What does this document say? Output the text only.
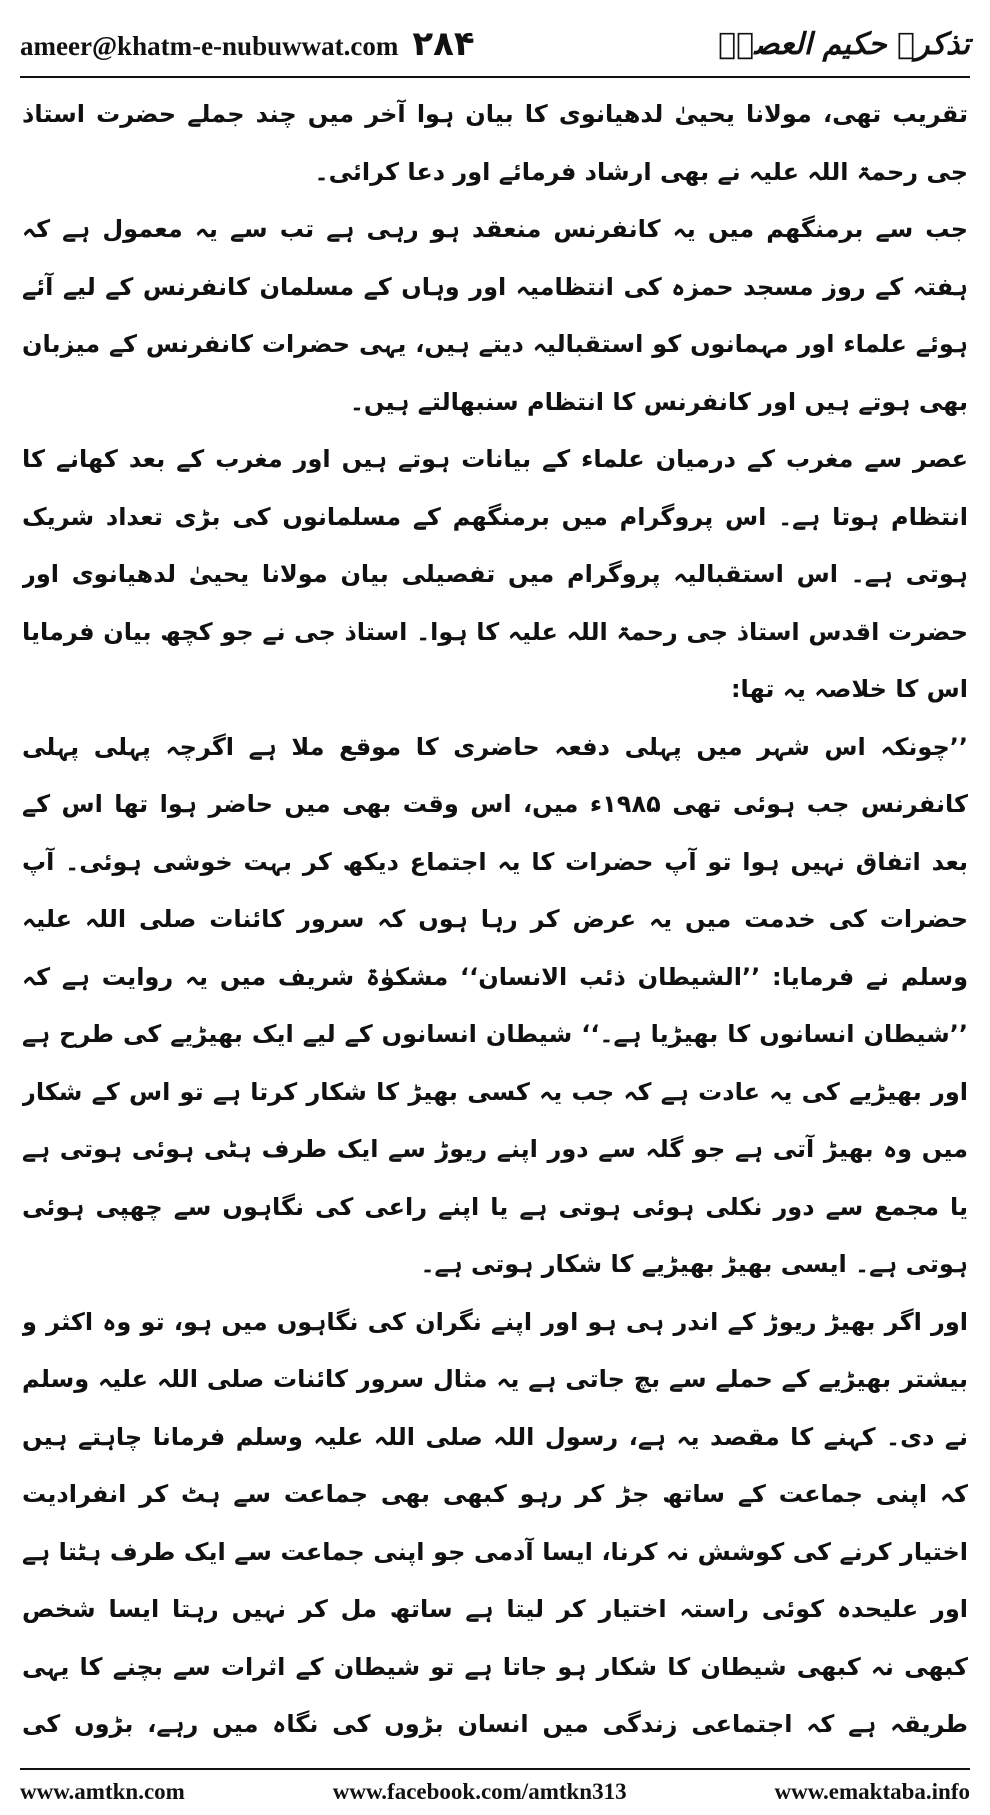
ameer@khatm-e-nubuwwat.com ۲۸۴	تذکرہ حکیم العصرؒ

تقریب تھی، مولانا یحییٰ لدھیانوی کا بیان ہوا آخر میں چند جملے حضرت استاذ جی رحمۃ اللہ علیہ نے بھی ارشاد فرمائے اور دعا کرائی۔

جب سے برمنگھم میں یہ کانفرنس منعقد ہو رہی ہے تب سے یہ معمول ہے کہ ہفتہ کے روز مسجد حمزہ کی انتظامیہ اور وہاں کے مسلمان کانفرنس کے لیے آئے ہوئے علماء اور مہمانوں کو استقبالیہ دیتے ہیں، یہی حضرات کانفرنس کے میزبان بھی ہوتے ہیں اور کانفرنس کا انتظام سنبھالتے ہیں۔

عصر سے مغرب کے درمیان علماء کے بیانات ہوتے ہیں اور مغرب کے بعد کھانے کا انتظام ہوتا ہے۔ اس پروگرام میں برمنگھم کے مسلمانوں کی بڑی تعداد شریک ہوتی ہے۔ اس استقبالیہ پروگرام میں تفصیلی بیان مولانا یحییٰ لدھیانوی اور حضرت اقدس استاذ جی رحمۃ اللہ علیہ کا ہوا۔ استاذ جی نے جو کچھ بیان فرمایا اس کا خلاصہ یہ تھا:

’’چونکہ اس شہر میں پہلی دفعہ حاضری کا موقع ملا ہے اگرچہ پہلی پہلی کانفرنس جب ہوئی تھی ۱۹۸۵ء میں، اس وقت بھی میں حاضر ہوا تھا اس کے بعد اتفاق نہیں ہوا تو آپ حضرات کا یہ اجتماع دیکھ کر بہت خوشی ہوئی۔ آپ حضرات کی خدمت میں یہ عرض کر رہا ہوں کہ سرور کائنات صلی اللہ علیہ وسلم نے فرمایا: ’’الشیطان ذئب الانسان‘‘ مشکوٰۃ شریف میں یہ روایت ہے کہ ’’شیطان انسانوں کا بھیڑیا ہے۔‘‘ شیطان انسانوں کے لیے ایک بھیڑیے کی طرح ہے اور بھیڑیے کی یہ عادت ہے کہ جب یہ کسی بھیڑ کا شکار کرتا ہے تو اس کے شکار میں وہ بھیڑ آتی ہے جو گلہ سے دور اپنے ریوڑ سے ایک طرف ہٹی ہوئی ہوتی ہے یا مجمع سے دور نکلی ہوئی ہوتی ہے یا اپنے راعی کی نگاہوں سے چھپی ہوئی ہوتی ہے۔ ایسی بھیڑ بھیڑیے کا شکار ہوتی ہے۔

اور اگر بھیڑ ریوڑ کے اندر ہی ہو اور اپنے نگران کی نگاہوں میں ہو، تو وہ اکثر و بیشتر بھیڑیے کے حملے سے بچ جاتی ہے یہ مثال سرور کائنات صلی اللہ علیہ وسلم نے دی۔ کہنے کا مقصد یہ ہے، رسول اللہ صلی اللہ علیہ وسلم فرمانا چاہتے ہیں کہ اپنی جماعت کے ساتھ جڑ کر رہو کبھی بھی جماعت سے ہٹ کر انفرادیت اختیار کرنے کی کوشش نہ کرنا، ایسا آدمی جو اپنی جماعت سے ایک طرف ہٹتا ہے اور علیحدہ کوئی راستہ اختیار کر لیتا ہے ساتھ مل کر نہیں رہتا ایسا شخص کبھی نہ کبھی شیطان کا شکار ہو جاتا ہے تو شیطان کے اثرات سے بچنے کا یہی طریقہ ہے کہ اجتماعی زندگی میں انسان بڑوں کی نگاہ میں رہے، بڑوں کی

www.amtkn.com	www.facebook.com/amtkn313	www.emaktaba.info
